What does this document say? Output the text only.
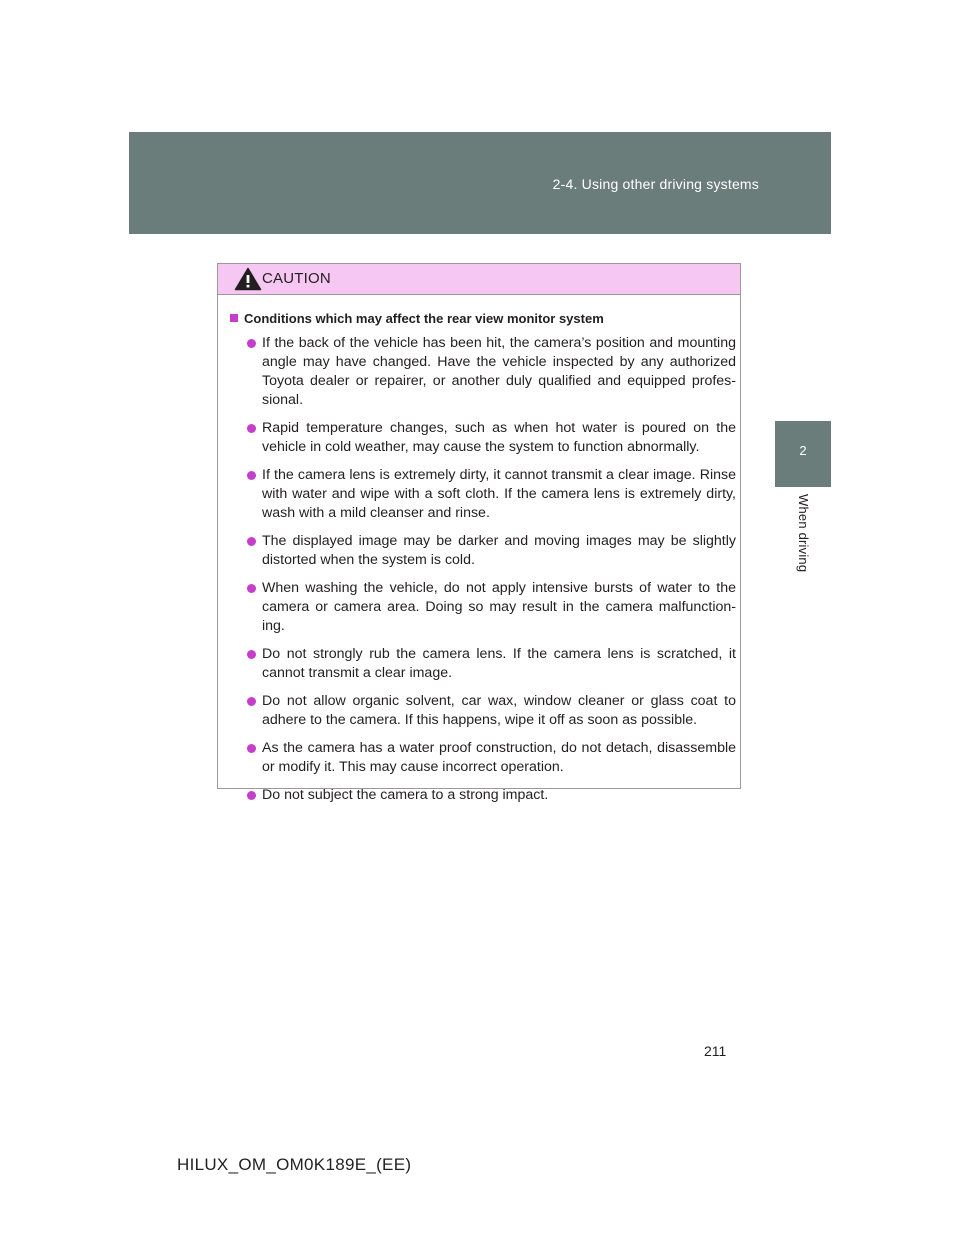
2-4. Using other driving systems
2
When driving
CAUTION
Conditions which may affect the rear view monitor system
If the back of the vehicle has been hit, the camera’s position and mounting angle may have changed. Have the vehicle inspected by any authorized Toyota dealer or repairer, or another duly qualified and equipped profes-sional.
Rapid temperature changes, such as when hot water is poured on the vehicle in cold weather, may cause the system to function abnormally.
If the camera lens is extremely dirty, it cannot transmit a clear image. Rinse with water and wipe with a soft cloth. If the camera lens is extremely dirty, wash with a mild cleanser and rinse.
The displayed image may be darker and moving images may be slightly distorted when the system is cold.
When washing the vehicle, do not apply intensive bursts of water to the camera or camera area. Doing so may result in the camera malfunction-ing.
Do not strongly rub the camera lens. If the camera lens is scratched, it cannot transmit a clear image.
Do not allow organic solvent, car wax, window cleaner or glass coat to adhere to the camera. If this happens, wipe it off as soon as possible.
As the camera has a water proof construction, do not detach, disassemble or modify it. This may cause incorrect operation.
Do not subject the camera to a strong impact.
211
HILUX_OM_OM0K189E_(EE)
